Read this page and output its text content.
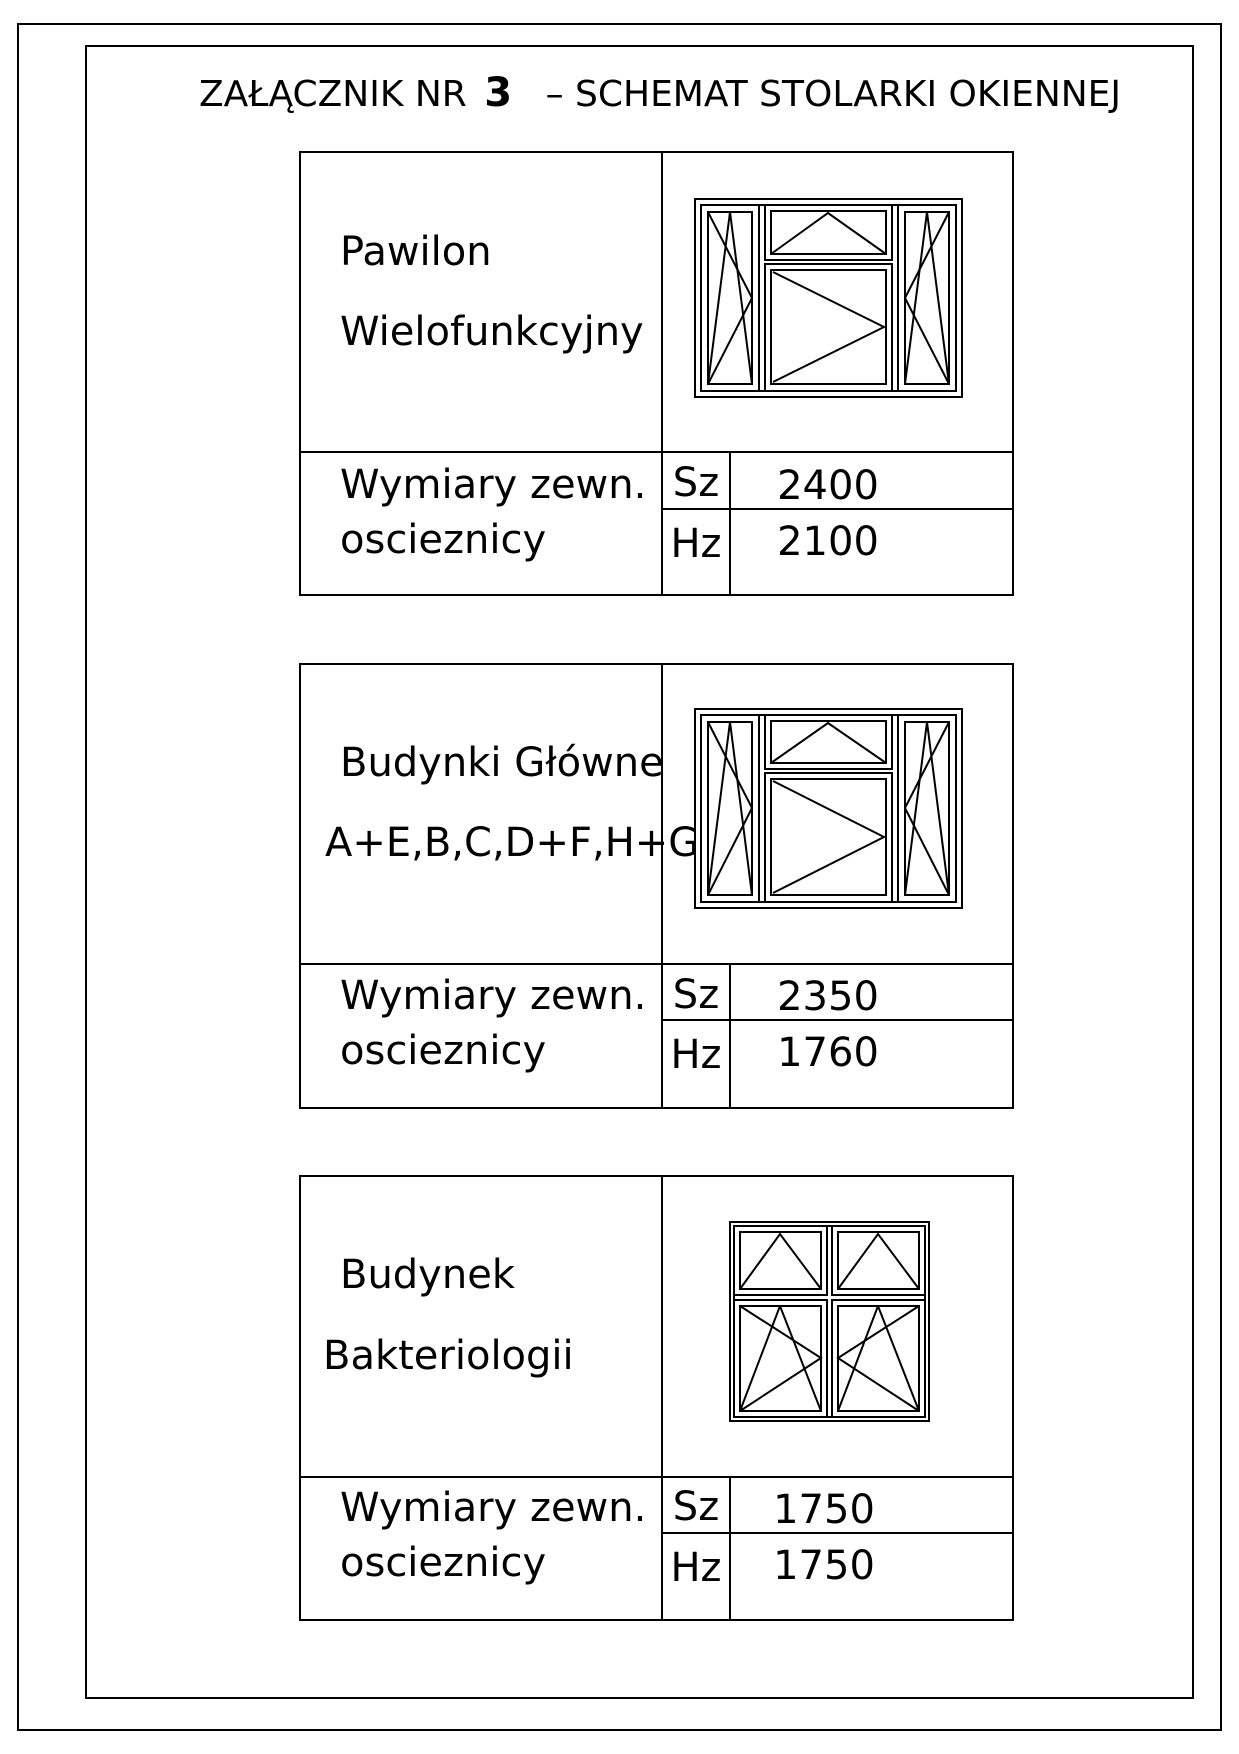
ZAŁĄCZNIK NR 3 – SCHEMAT STOLARKI OKIENNEJ
Pawilon
Wielofunkcyjny
Wymiary zewn.
oscieznicy
Sz
Hz
2400
2100
Budynki Główne
A+E,B,C,D+F,H+G
Wymiary zewn.
oscieznicy
Sz
Hz
2350
1760
Budynek
Bakteriologii
Wymiary zewn.
oscieznicy
Sz
Hz
1750
1750
